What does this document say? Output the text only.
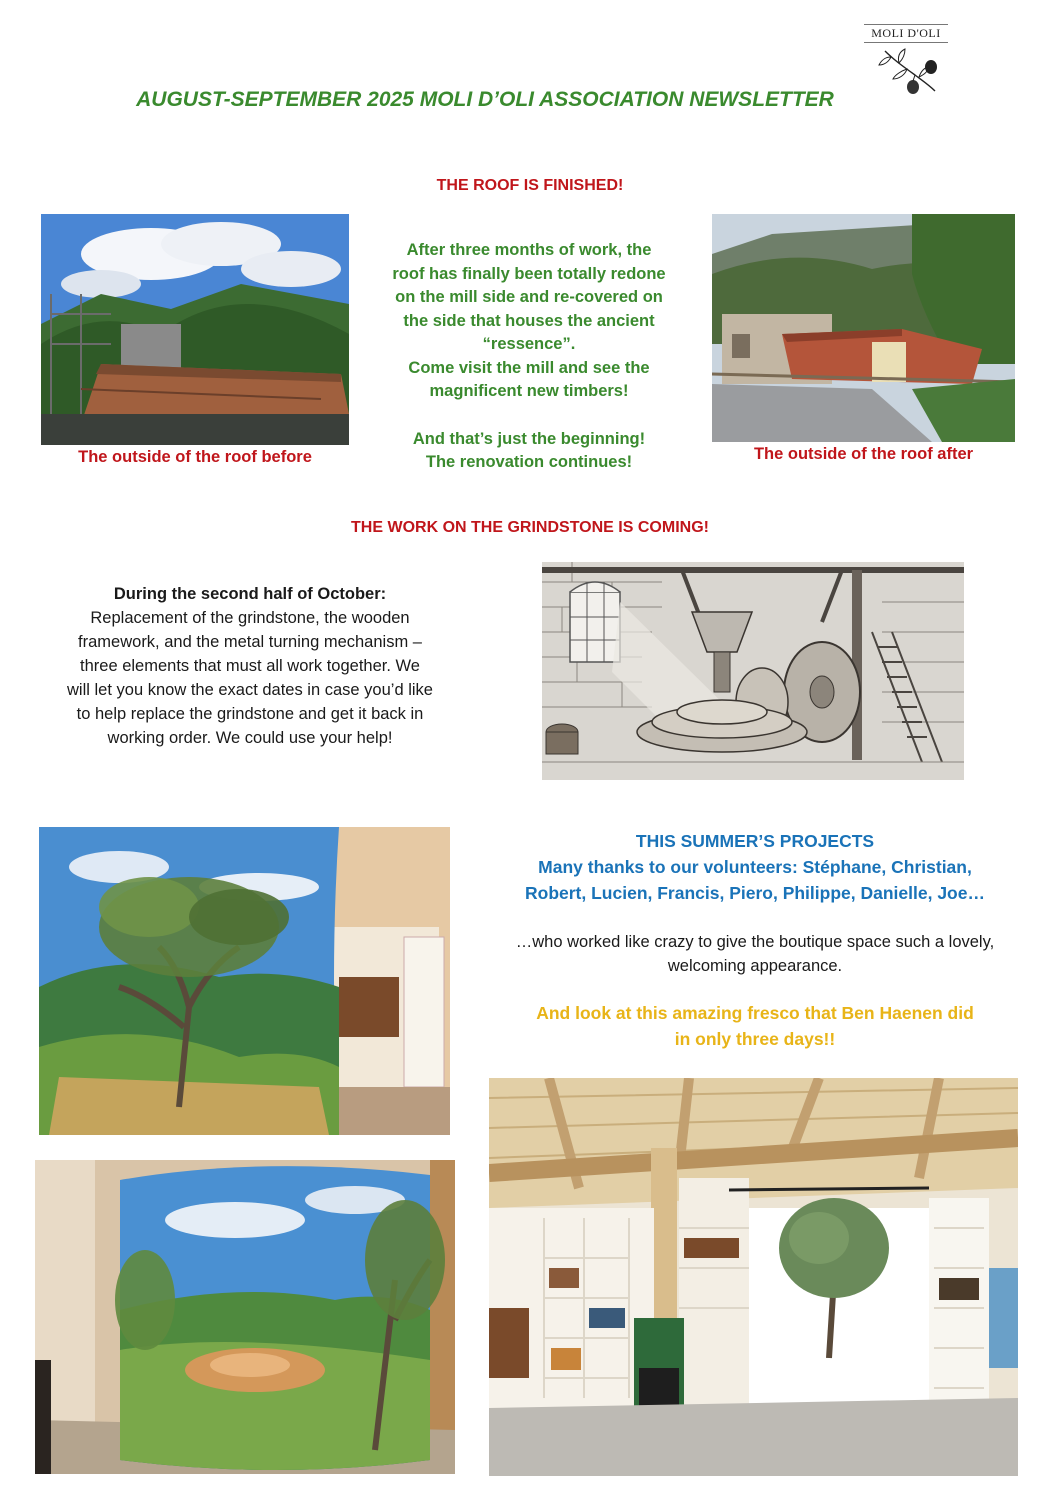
MOLI D'OLI
AUGUST-SEPTEMBER 2025 MOLI D’OLI ASSOCIATION NEWSLETTER
THE ROOF IS FINISHED!
After three months of work, the
roof has finally been totally redone
on the mill side and re-covered on
the side that houses the ancient
“ressence”.
Come visit the mill and see the
magnificent new timbers!
And that’s just the beginning!
The renovation continues!
The outside of the roof before	The outside of the roof after
THE WORK ON THE GRINDSTONE IS COMING!
During the second half of October:
Replacement of the grindstone, the wooden
framework, and the metal turning mechanism –
three elements that must all work together. We
will let you know the exact dates in case you’d like
to help replace the grindstone and get it back in
working order. We could use your help!
THIS SUMMER’S PROJECTS
Many thanks to our volunteers: Stéphane, Christian,
Robert, Lucien, Francis, Piero, Philippe, Danielle, Joe…
…who worked like crazy to give the boutique space such a lovely,
welcoming appearance.
And look at this amazing fresco that Ben Haenen did
in only three days!!
